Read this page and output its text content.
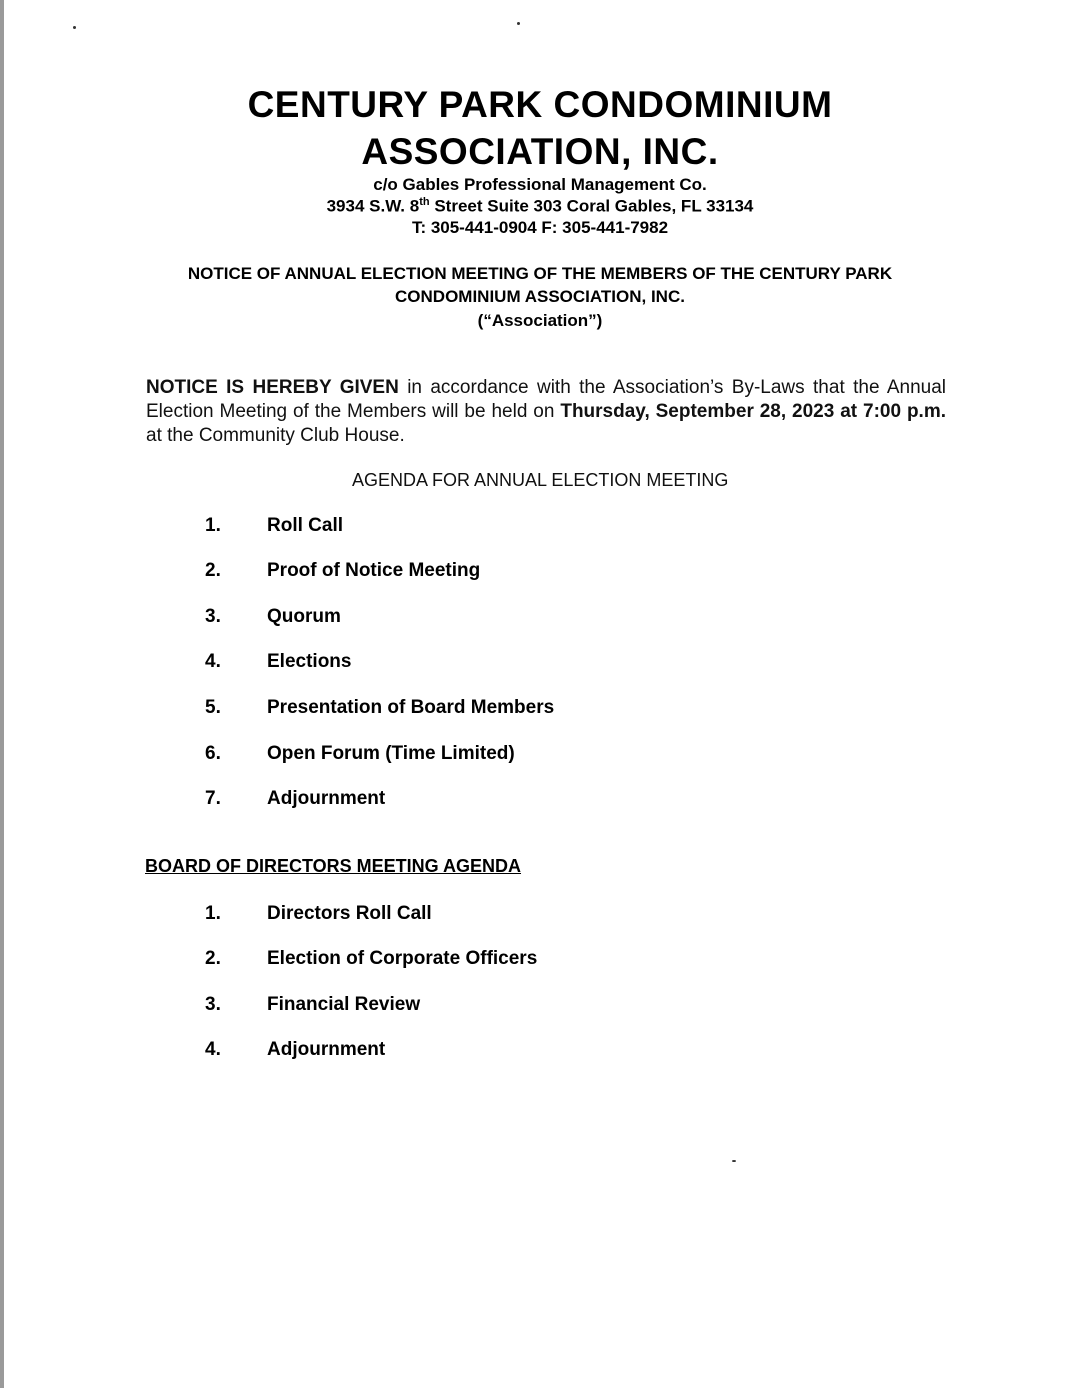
CENTURY PARK CONDOMINIUM
ASSOCIATION, INC.
c/o Gables Professional Management Co.
3934 S.W. 8th Street Suite 303 Coral Gables, FL 33134
T: 305-441-0904 F: 305-441-7982
NOTICE OF ANNUAL ELECTION MEETING OF THE MEMBERS OF THE CENTURY PARK
CONDOMINIUM ASSOCIATION, INC.
(“Association”)
NOTICE IS HEREBY GIVEN in accordance with the Association’s By-Laws that the Annual Election Meeting of the Members will be held on Thursday, September 28, 2023 at 7:00 p.m. at the Community Club House.
AGENDA FOR ANNUAL ELECTION MEETING
1. Roll Call
2. Proof of Notice Meeting
3. Quorum
4. Elections
5. Presentation of Board Members
6. Open Forum (Time Limited)
7. Adjournment
BOARD OF DIRECTORS MEETING AGENDA
1. Directors Roll Call
2. Election of Corporate Officers
3. Financial Review
4. Adjournment
